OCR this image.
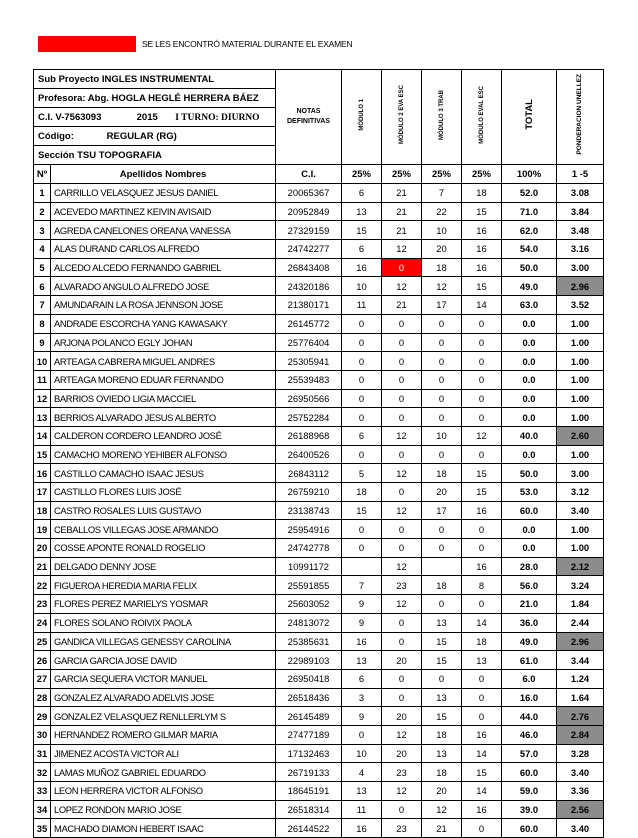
SE LES ENCONTRÓ MATERIAL DURANTE EL EXAMEN
Sub Proyecto INGLES INSTRUMENTAL		NOTAS DEFINITIVAS	MÓDULO 1	MÓDULO 2 EVA ESC	MÓDULO 3 TRAB	MÓDULO EVAL ESC	TOTAL	PONDERACION UNELLEZ
Profesora: Abg. HOGLA HEGLÉ HERRERA BÁEZ								
C.I. V-7563093 2015 I TURNO: DIURNO								
Código: REGULAR (RG)								
Sección TSU TOPOGRAFIA								
Nº	Apellidos Nombres	C.I.	25%	25%	25%	25%	100%	1 -5
1	CARRILLO VELASQUEZ JESUS DANIEL	20065367	6	21	7	18	52.0	3.08
2	ACEVEDO MARTINEZ KEIVIN AVISAID	20952849	13	21	22	15	71.0	3.84
3	AGREDA CANELONES OREANA VANESSA	27329159	15	21	10	16	62.0	3.48
4	ALAS DURAND CARLOS ALFREDO	24742277	6	12	20	16	54.0	3.16
5	ALCEDO ALCEDO FERNANDO GABRIEL	26843408	16	0	18	16	50.0	3.00
6	ALVARADO ANGULO ALFREDO JOSE	24320186	10	12	12	15	49.0	2.96
7	AMUNDARAIN LA ROSA JENNSON JOSE	21380171	11	21	17	14	63.0	3.52
8	ANDRADE ESCORCHA YANG KAWASAKY	26145772	0	0	0	0	0.0	1.00
9	ARJONA POLANCO EGLY JOHAN	25776404	0	0	0	0	0.0	1.00
10	ARTEAGA CABRERA MIGUEL ANDRES	25305941	0	0	0	0	0.0	1.00
11	ARTEAGA MORENO EDUAR FERNANDO	25539483	0	0	0	0	0.0	1.00
12	BARRIOS OVIEDO LIGIA MACCIEL	26950566	0	0	0	0	0.0	1.00
13	BERRIOS ALVARADO JESUS ALBERTO	25752284	0	0	0	0	0.0	1.00
14	CALDERON CORDERO LEANDRO JOSÉ	26188968	6	12	10	12	40.0	2.60
15	CAMACHO MORENO YEHIBER ALFONSO	26400526	0	0	0	0	0.0	1.00
16	CASTILLO CAMACHO ISAAC JESUS	26843112	5	12	18	15	50.0	3.00
17	CASTILLO FLORES LUIS JOSÉ	26759210	18	0	20	15	53.0	3.12
18	CASTRO ROSALES LUIS GUSTAVO	23138743	15	12	17	16	60.0	3.40
19	CEBALLOS VILLEGAS JOSE ARMANDO	25954916	0	0	0	0	0.0	1.00
20	COSSE APONTE RONALD ROGELIO	24742778	0	0	0	0	0.0	1.00
21	DELGADO DENNY JOSE	10991172		12		16	28.0	2.12
22	FIGUEROA HEREDIA MARIA FELIX	25591855	7	23	18	8	56.0	3.24
23	FLORES PEREZ MARIELYS YOSMAR	25603052	9	12	0	0	21.0	1.84
24	FLORES SOLANO ROIVIX PAOLA	24813072	9	0	13	14	36.0	2.44
25	GANDICA VILLEGAS GENESSY CAROLINA	25385631	16	0	15	18	49.0	2.96
26	GARCIA GARCIA JOSE DAVID	22989103	13	20	15	13	61.0	3.44
27	GARCIA SEQUERA VICTOR MANUEL	26950418	6	0	0	0	6.0	1.24
28	GONZALEZ ALVARADO ADELVIS JOSE	26518436	3	0	13	0	16.0	1.64
29	GONZALEZ VELASQUEZ RENLLERLYM S	26145489	9	20	15	0	44.0	2.76
30	HERNANDEZ ROMERO GILMAR MARIA	27477189	0	12	18	16	46.0	2.84
31	JIMENEZ ACOSTA VICTOR ALI	17132463	10	20	13	14	57.0	3.28
32	LAMAS MUÑOZ GABRIEL EDUARDO	26719133	4	23	18	15	60.0	3.40
33	LEON HERRERA VICTOR ALFONSO	18645191	13	12	20	14	59.0	3.36
34	LOPEZ RONDON MARIO JOSE	26518314	11	0	12	16	39.0	2.56
35	MACHADO DIAMON HEBERT ISAAC	26144522	16	23	21	0	60.0	3.40
